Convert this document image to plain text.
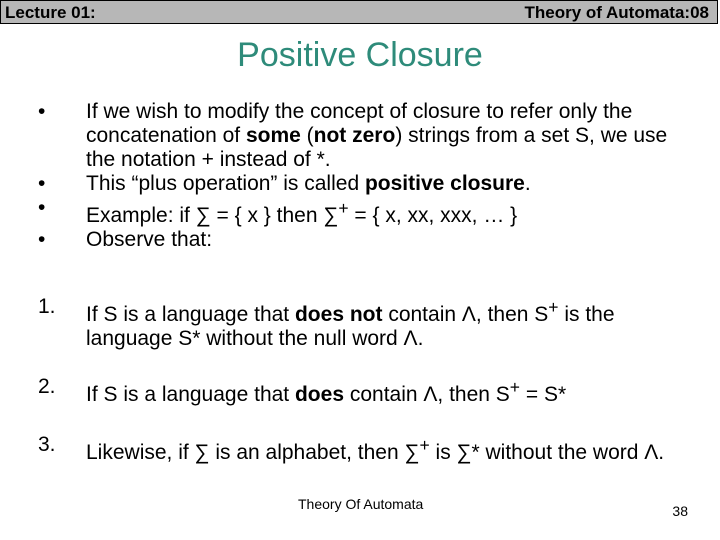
Lecture 01:	Theory of Automata:08
Positive Closure
•	If we wish to modify the concept of closure to refer only the concatenation of some (not zero) strings from a set S, we use the notation + instead of *.
•	This “plus operation” is called positive closure.
•	Example: if ∑ = { x } then ∑+ = { x, xx, xxx, … }
•	Observe that:
1. If S is a language that does not contain Λ, then S+ is the language S* without the null word Λ.
2. If S is a language that does contain Λ, then S+ = S*
3. Likewise, if ∑ is an alphabet, then ∑+ is ∑* without the word Λ.
Theory Of Automata	38
